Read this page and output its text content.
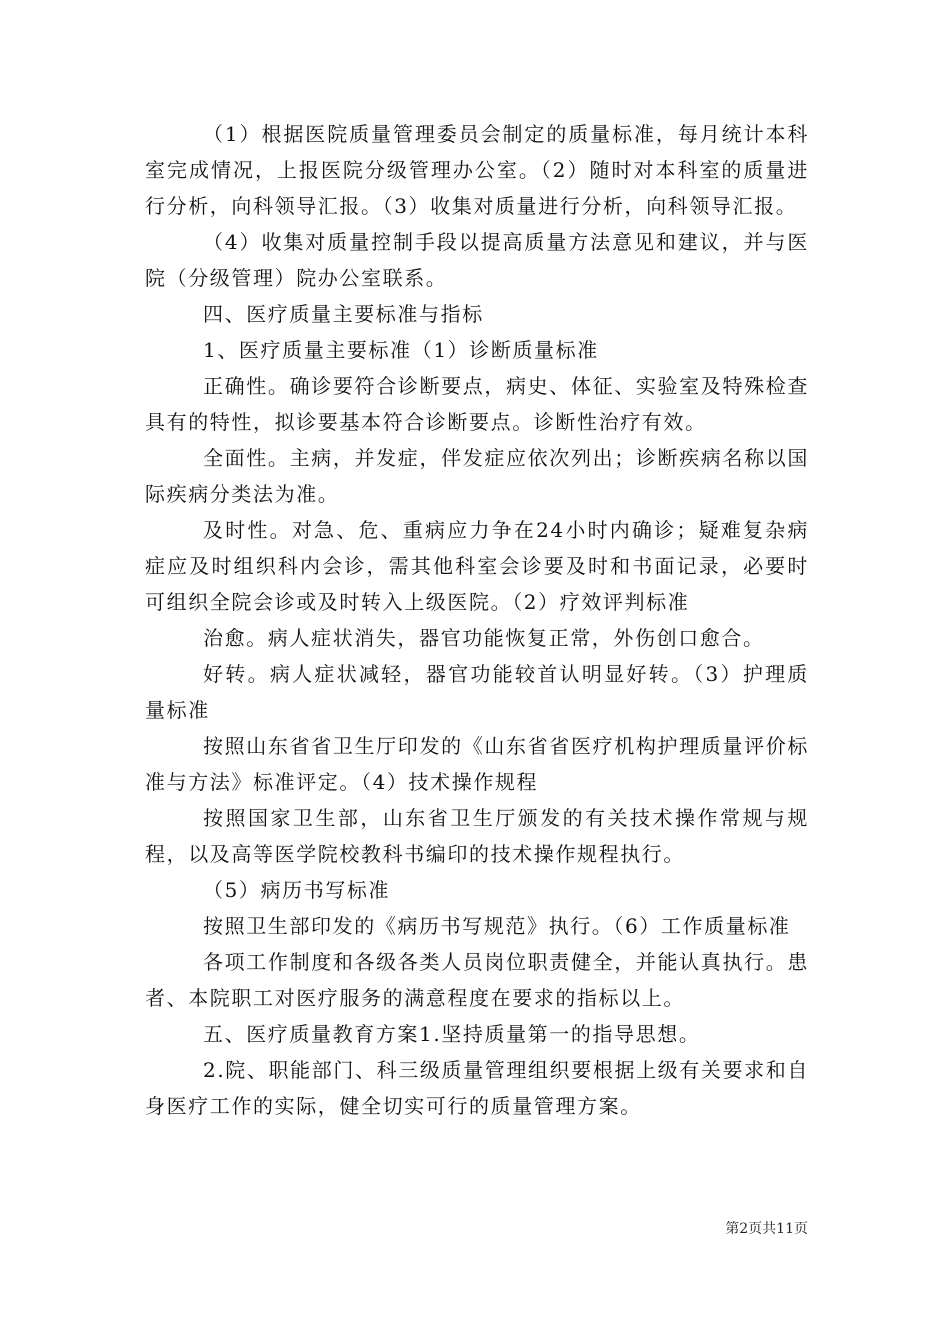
（1）根据医院质量管理委员会制定的质量标准，每月统计本科室完成情况，上报医院分级管理办公室。（2）随时对本科室的质量进行分析，向科领导汇报。（3）收集对质量进行分析，向科领导汇报。

（4）收集对质量控制手段以提高质量方法意见和建议，并与医院（分级管理）院办公室联系。

四、医疗质量主要标准与指标

1、医疗质量主要标准（1）诊断质量标准

正确性。确诊要符合诊断要点，病史、体征、实验室及特殊检查具有的特性，拟诊要基本符合诊断要点。诊断性治疗有效。

全面性。主病，并发症，伴发症应依次列出；诊断疾病名称以国际疾病分类法为准。

及时性。对急、危、重病应力争在24小时内确诊；疑难复杂病症应及时组织科内会诊，需其他科室会诊要及时和书面记录，必要时可组织全院会诊或及时转入上级医院。（2）疗效评判标准

治愈。病人症状消失，器官功能恢复正常，外伤创口愈合。

好转。病人症状减轻，器官功能较首认明显好转。（3）护理质量标准

按照山东省省卫生厅印发的《山东省省医疗机构护理质量评价标准与方法》标准评定。（4）技术操作规程

按照国家卫生部，山东省卫生厅颁发的有关技术操作常规与规程，以及高等医学院校教科书编印的技术操作规程执行。

（5）病历书写标准

按照卫生部印发的《病历书写规范》执行。（6）工作质量标准

各项工作制度和各级各类人员岗位职责健全，并能认真执行。患者、本院职工对医疗服务的满意程度在要求的指标以上。

五、医疗质量教育方案1.坚持质量第一的指导思想。

2.院、职能部门、科三级质量管理组织要根据上级有关要求和自身医疗工作的实际，健全切实可行的质量管理方案。

第2页共11页
